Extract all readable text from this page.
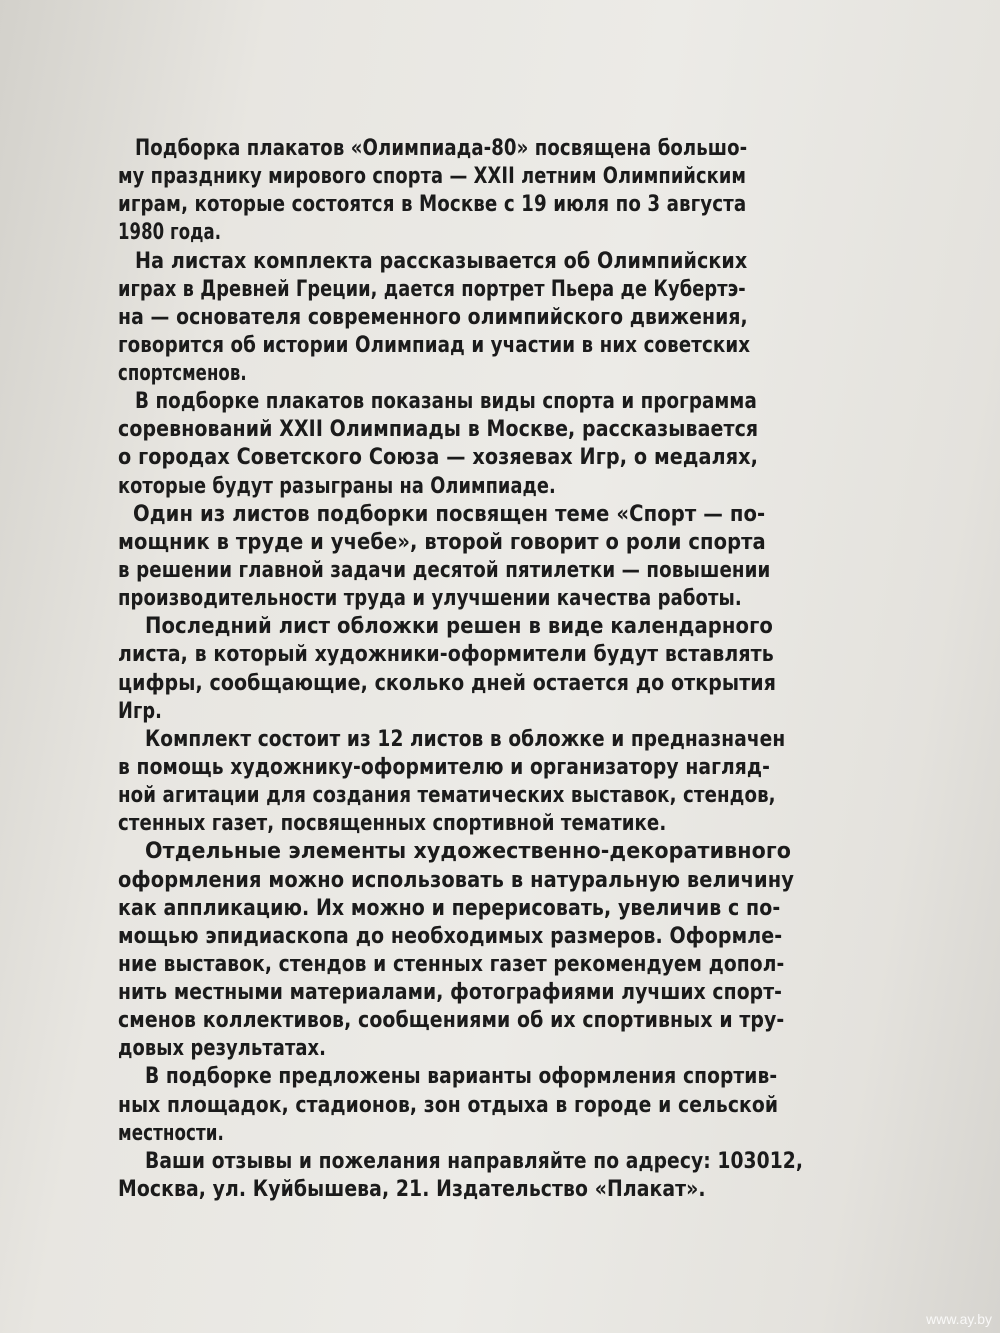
Подборка плакатов «Олимпиада-80» посвящена большо-
му празднику мирового спорта — XXII летним Олимпийским
играм, которые состоятся в Москве с 19 июля по 3 августа
1980 года.
На листах комплекта рассказывается об Олимпийских
играх в Древней Греции, дается портрет Пьера де Кубертэ-
на — основателя современного олимпийского движения,
говорится об истории Олимпиад и участии в них советских
спортсменов.
В подборке плакатов показаны виды спорта и программа
соревнований XXII Олимпиады в Москве, рассказывается
о городах Советского Союза — хозяевах Игр, о медалях,
которые будут разыграны на Олимпиаде.
Один из листов подборки посвящен теме «Спорт — по-
мощник в труде и учебе», второй говорит о роли спорта
в решении главной задачи десятой пятилетки — повышении
производительности труда и улучшении качества работы.
Последний лист обложки решен в виде календарного
листа, в который художники-оформители будут вставлять
цифры, сообщающие, сколько дней остается до открытия
Игр.
Комплект состоит из 12 листов в обложке и предназначен
в помощь художнику-оформителю и организатору нагляд-
ной агитации для создания тематических выставок, стендов,
стенных газет, посвященных спортивной тематике.
Отдельные элементы художественно-декоративного
оформления можно использовать в натуральную величину
как аппликацию. Их можно и перерисовать, увеличив с по-
мощью эпидиаскопа до необходимых размеров. Оформле-
ние выставок, стендов и стенных газет рекомендуем допол-
нить местными материалами, фотографиями лучших спорт-
сменов коллективов, сообщениями об их спортивных и тру-
довых результатах.
В подборке предложены варианты оформления спортив-
ных площадок, стадионов, зон отдыха в городе и сельской
местности.
Ваши отзывы и пожелания направляйте по адресу: 103012,
Москва, ул. Куйбышева, 21. Издательство «Плакат».
www.ay.by
